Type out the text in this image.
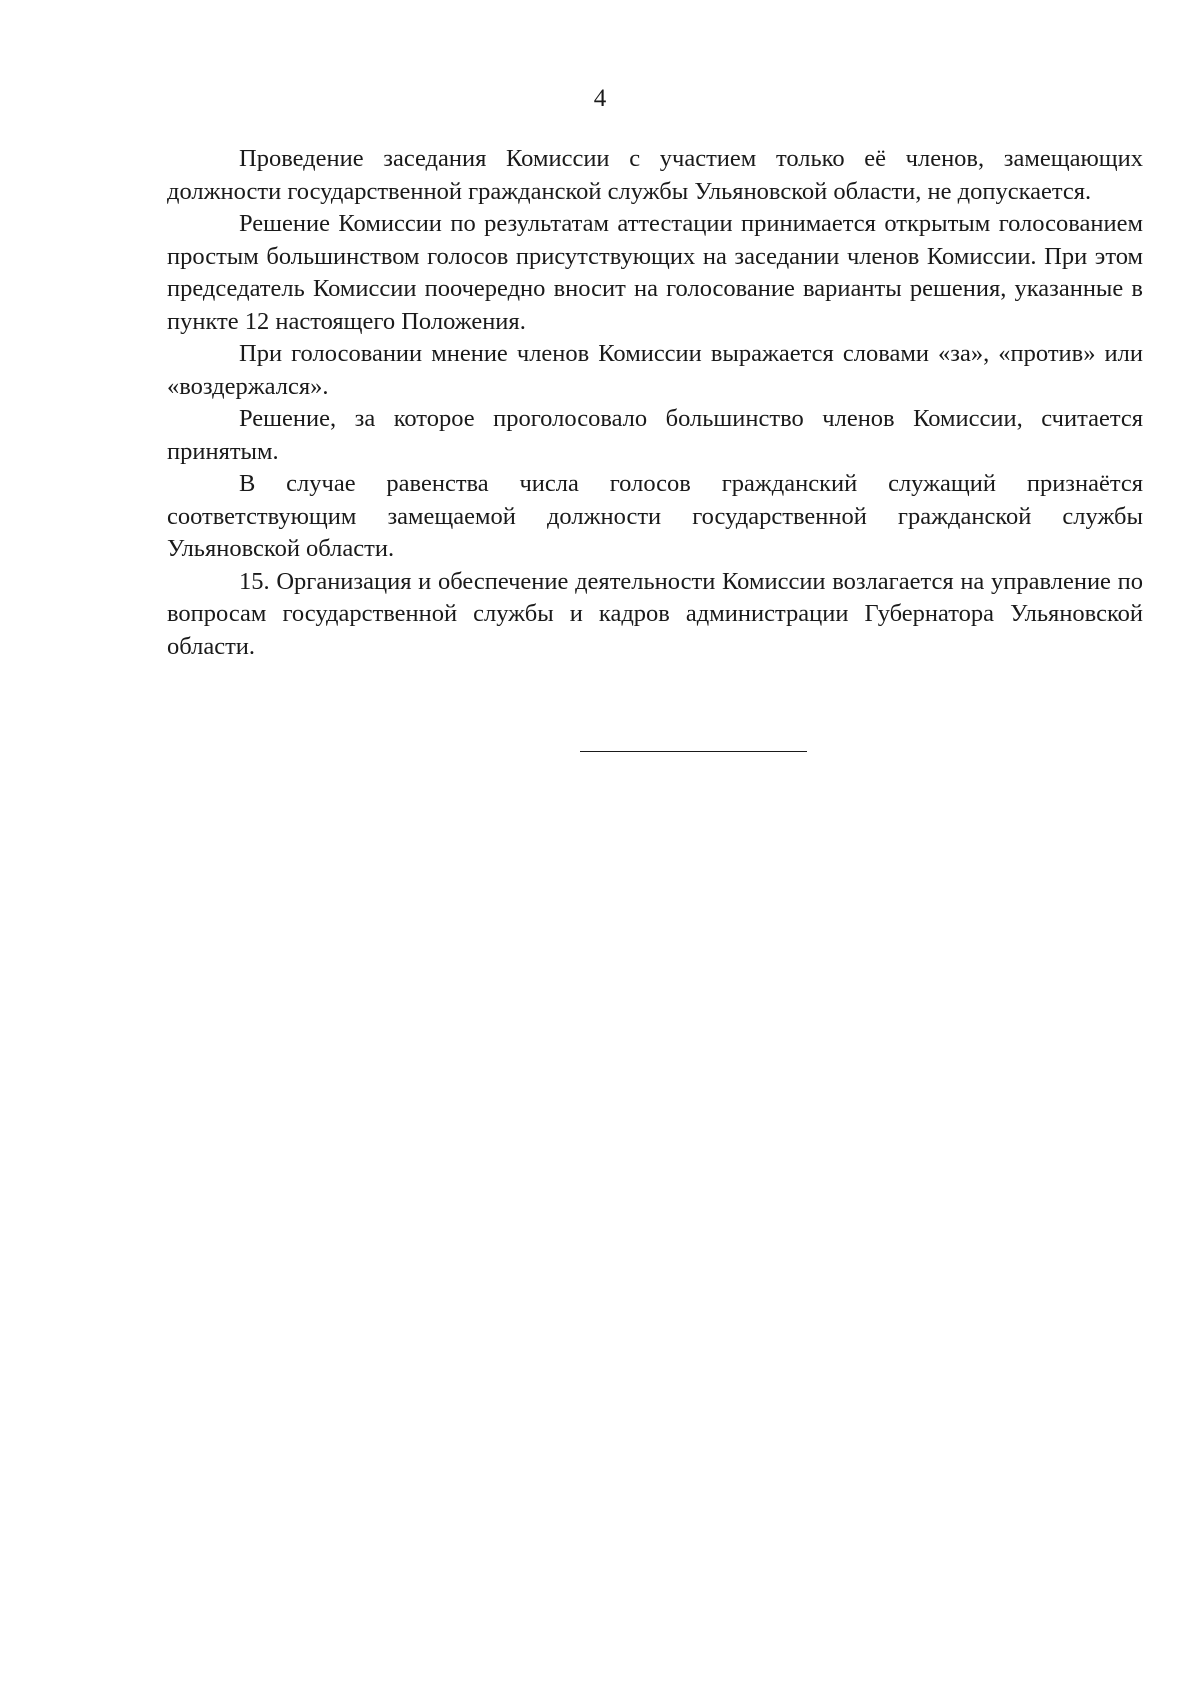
4

Проведение заседания Комиссии с участием только её членов, замещающих должности государственной гражданской службы Ульяновской области, не допускается.

Решение Комиссии по результатам аттестации принимается открытым голосованием простым большинством голосов присутствующих на заседании членов Комиссии. При этом председатель Комиссии поочередно вносит на голосование варианты решения, указанные в пункте 12 настоящего Положения.

При голосовании мнение членов Комиссии выражается словами «за», «против» или «воздержался».

Решение, за которое проголосовало большинство членов Комиссии, считается принятым.

В случае равенства числа голосов гражданский служащий признаётся соответствующим замещаемой должности государственной гражданской службы Ульяновской области.

15. Организация и обеспечение деятельности Комиссии возлагается на управление по вопросам государственной службы и кадров администрации Губернатора Ульяновской области.
